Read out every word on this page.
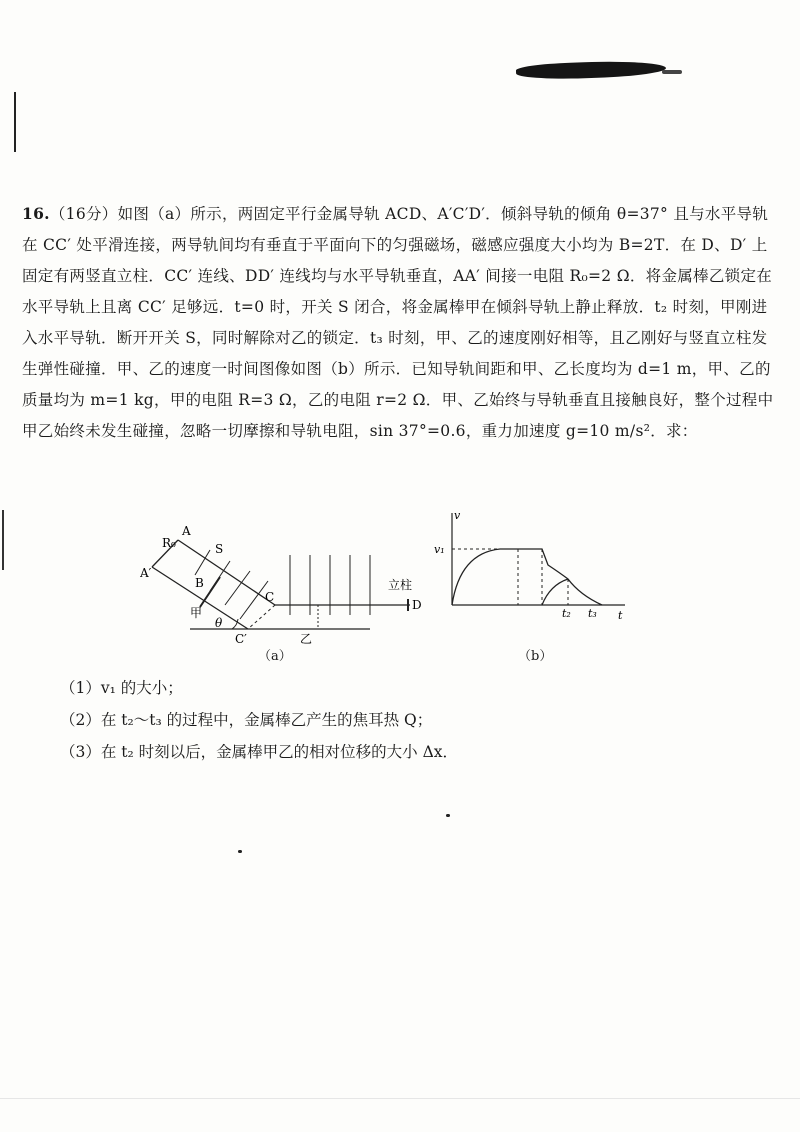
16.（16分）如图（a）所示，两固定平行金属导轨 ACD、A′C′D′．倾斜导轨的倾角 θ=37° 且与水平导轨在 CC′ 处平滑连接，两导轨间均有垂直于平面向下的匀强磁场，磁感应强度大小均为 B=2T．在 D、D′ 上固定有两竖直立柱．CC′ 连线、DD′ 连线均与水平导轨垂直，AA′ 间接一电阻 R₀=2 Ω．将金属棒乙锁定在水平导轨上且离 CC′ 足够远．t=0 时，开关 S 闭合，将金属棒甲在倾斜导轨上静止释放．t₂ 时刻，甲刚进入水平导轨．断开开关 S，同时解除对乙的锁定．t₃ 时刻，甲、乙的速度刚好相等，且乙刚好与竖直立柱发生弹性碰撞．甲、乙的速度一时间图像如图（b）所示．已知导轨间距和甲、乙长度均为 d=1 m，甲、乙的质量均为 m=1 kg，甲的电阻 R=3 Ω，乙的电阻 r=2 Ω．甲、乙始终与导轨垂直且接触良好，整个过程中甲乙始终未发生碰撞，忽略一切摩擦和导轨电阻，sin 37°=0.6，重力加速度 g=10 m/s²．求：

R₀
A
A′
S
B
C
C′
D
立柱
甲
乙
θ
（a）
v
v₁
t
t₂ t₃
（b）
（1）v₁ 的大小；
（2）在 t₂～t₃ 的过程中，金属棒乙产生的焦耳热 Q；
（3）在 t₂ 时刻以后，金属棒甲乙的相对位移的大小 Δx．
